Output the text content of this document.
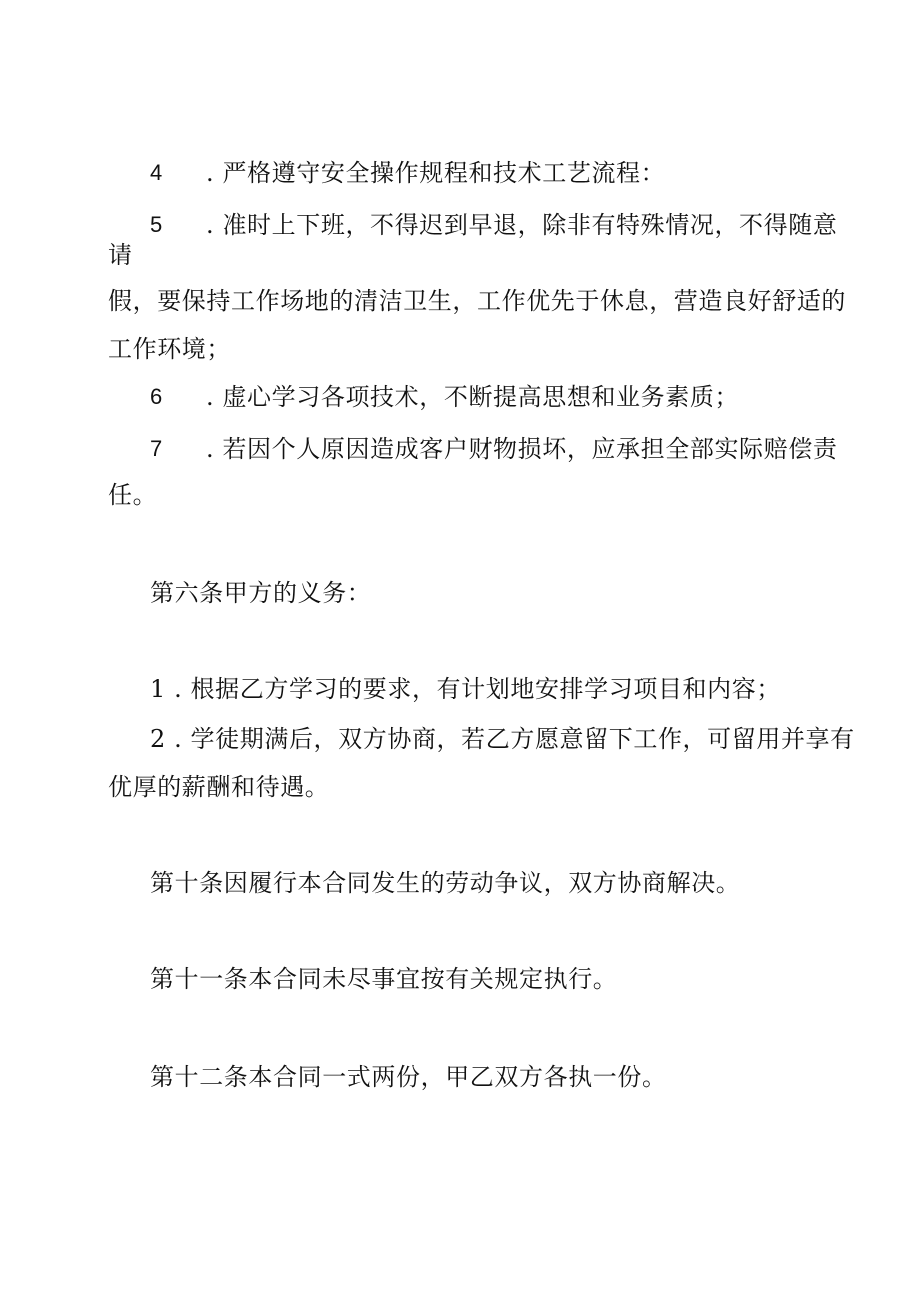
4 . 严格遵守安全操作规程和技术工艺流程：
5 . 准时上下班，不得迟到早退，除非有特殊情况，不得随意
请
假，要保持工作场地的清洁卫生，工作优先于休息，营造良好舒适的
工作环境；
6 . 虚心学习各项技术，不断提高思想和业务素质；
7 . 若因个人原因造成客户财物损坏，应承担全部实际赔偿责
任。
第六条甲方的义务：
1 . 根据乙方学习的要求，有计划地安排学习项目和内容；
2 . 学徒期满后，双方协商，若乙方愿意留下工作，可留用并享有
优厚的薪酬和待遇。
第十条因履行本合同发生的劳动争议，双方协商解决。
第十一条本合同未尽事宜按有关规定执行。
第十二条本合同一式两份，甲乙双方各执一份。
